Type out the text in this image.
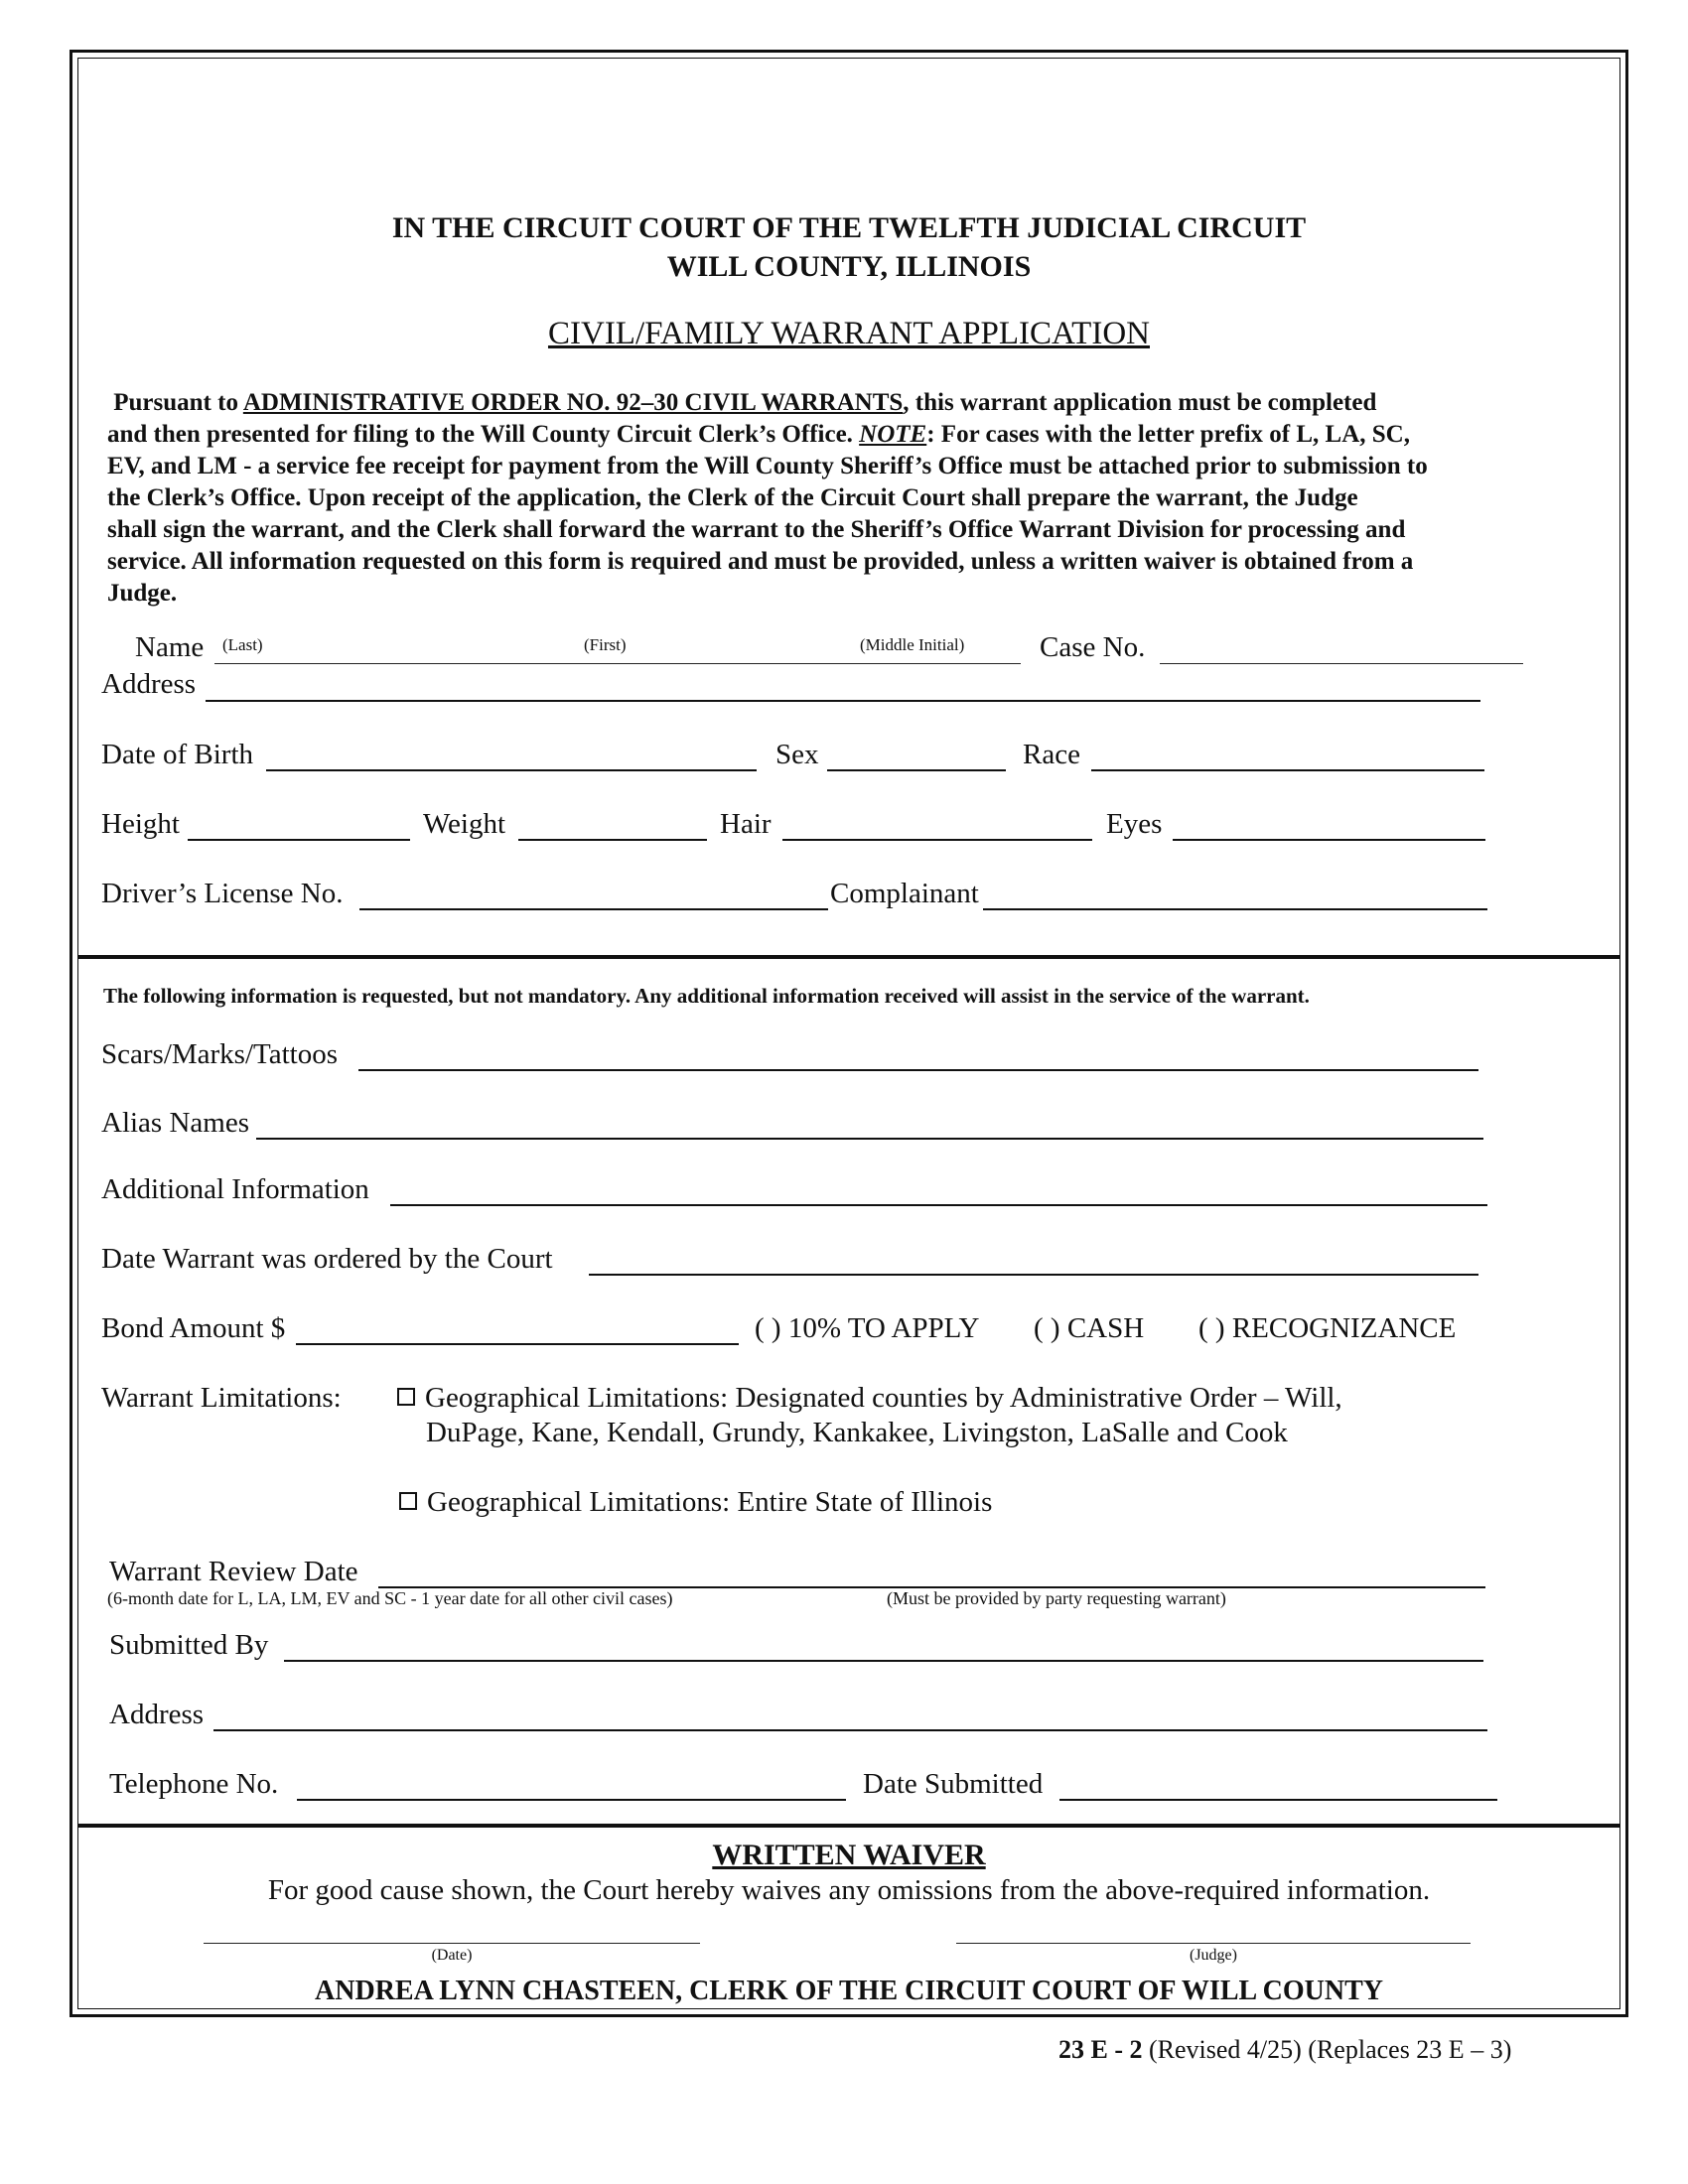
IN THE CIRCUIT COURT OF THE TWELFTH JUDICIAL CIRCUIT
WILL COUNTY, ILLINOIS
CIVIL/FAMILY WARRANT APPLICATION
Pursuant to ADMINISTRATIVE ORDER NO. 92–30 CIVIL WARRANTS, this warrant application must be completed
and then presented for filing to the Will County Circuit Clerk’s Office. NOTE: For cases with the letter prefix of L, LA, SC,
EV, and LM - a service fee receipt for payment from the Will County Sheriff’s Office must be attached prior to submission to
the Clerk’s Office. Upon receipt of the application, the Clerk of the Circuit Court shall prepare the warrant, the Judge
shall sign the warrant, and the Clerk shall forward the warrant to the Sheriff’s Office Warrant Division for processing and
service. All information requested on this form is required and must be provided, unless a written waiver is obtained from a
Judge.
Name (Last)	(First)	(Middle Initial)	Case No.
Address
Date of Birth	Sex	Race
Height	Weight	Hair	Eyes
Driver’s License No.	Complainant
The following information is requested, but not mandatory. Any additional information received will assist in the service of the warrant.
Scars/Marks/Tattoos
Alias Names
Additional Information
Date Warrant was ordered by the Court
Bond Amount $	( ) 10% TO APPLY ( ) CASH ( ) RECOGNIZANCE
Warrant Limitations:	Geographical Limitations: Designated counties by Administrative Order – Will,
DuPage, Kane, Kendall, Grundy, Kankakee, Livingston, LaSalle and Cook
Geographical Limitations: Entire State of Illinois
Warrant Review Date
(6-month date for L, LA, LM, EV and SC - 1 year date for all other civil cases)	(Must be provided by party requesting warrant)
Submitted By
Address
Telephone No.	Date Submitted
WRITTEN WAIVER
For good cause shown, the Court hereby waives any omissions from the above-required information.
(Date)	(Judge)
ANDREA LYNN CHASTEEN, CLERK OF THE CIRCUIT COURT OF WILL COUNTY
23 E - 2 (Revised 4/25) (Replaces 23 E – 3)
